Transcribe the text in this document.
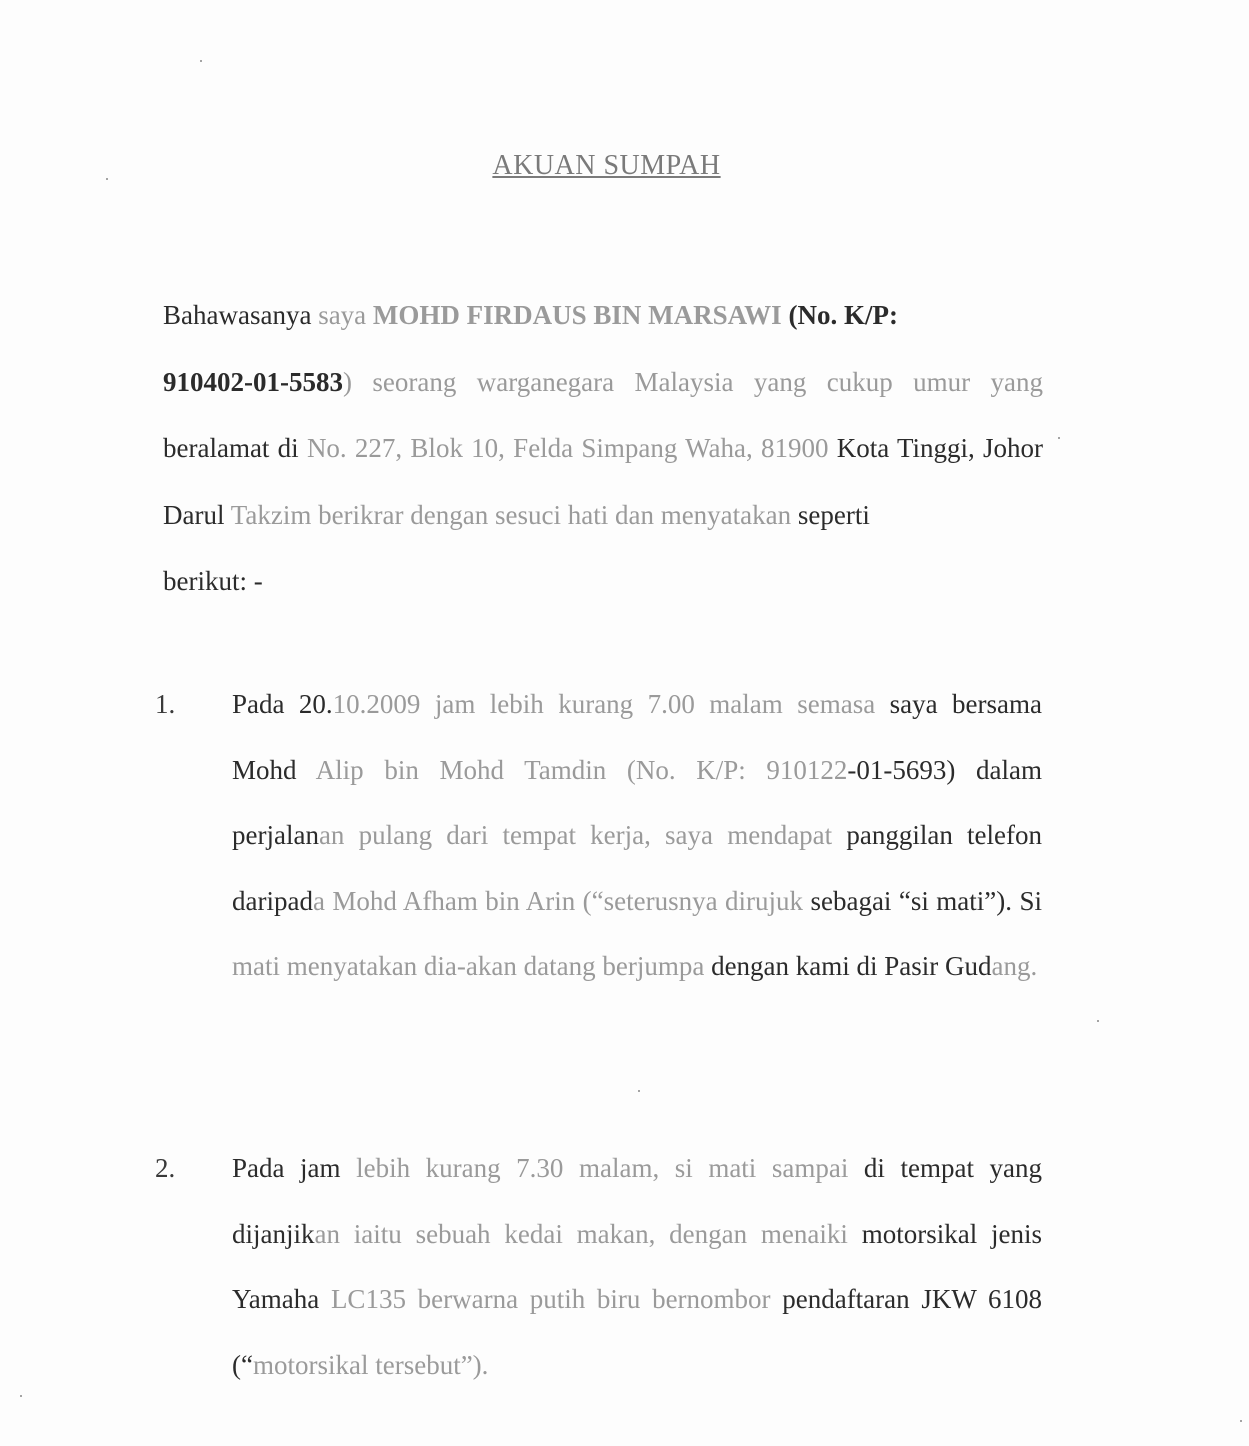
AKUAN SUMPAH
Bahawasanya saya MOHD FIRDAUS BIN MARSAWI (No. K/P:
910402-01-5583) seorang warganegara Malaysia yang cukup umur yang beralamat di No. 227, Blok 10, Felda Simpang Waha, 81900 Kota Tinggi, Johor Darul Takzim berikrar dengan sesuci hati dan menyatakan seperti
berikut: -
1.	Pada 20.10.2009 jam lebih kurang 7.00 malam semasa saya bersama Mohd Alip bin Mohd Tamdin (No. K/P: 910122-01-5693) dalam perjalanan pulang dari tempat kerja, saya mendapat panggilan telefon daripada Mohd Afham bin Arin (“seterusnya dirujuk sebagai “si mati”). Si mati menyatakan dia-akan datang berjumpa dengan kami di Pasir Gudang.
2.	Pada jam lebih kurang 7.30 malam, si mati sampai di tempat yang dijanjikan iaitu sebuah kedai makan, dengan menaiki motorsikal jenis Yamaha LC135 berwarna putih biru bernombor pendaftaran JKW 6108 (“motorsikal tersebut”).
